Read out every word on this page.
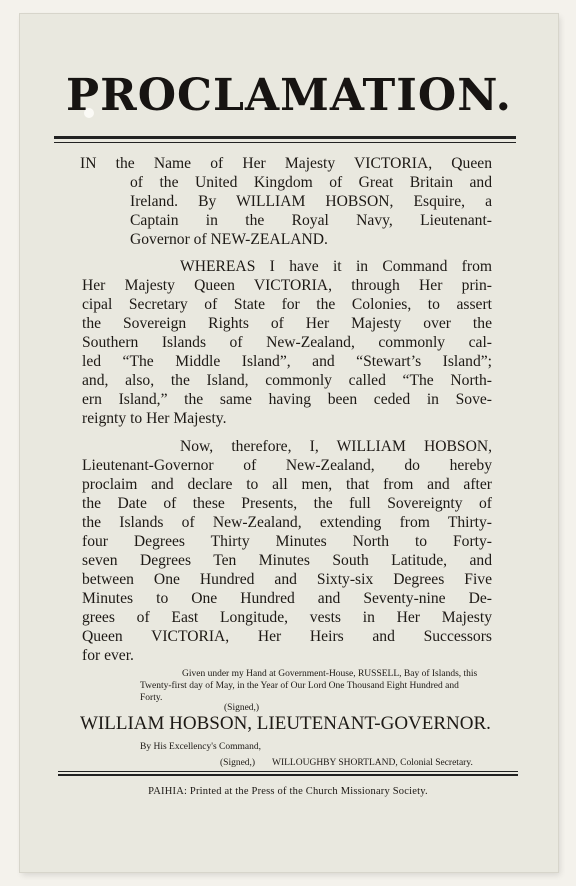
PROCLAMATION.
IN the Name of Her Majesty VICTORIA, Queen
of the United Kingdom of Great Britain and
Ireland. By WILLIAM HOBSON, Esquire, a
Captain in the Royal Navy, Lieutenant-
Governor of NEW-ZEALAND.
WHEREAS I have it in Command from
Her Majesty Queen VICTORIA, through Her prin-
cipal Secretary of State for the Colonies, to assert
the Sovereign Rights of Her Majesty over the
Southern Islands of New-Zealand, commonly cal-
led “The Middle Island”, and “Stewart’s Island”;
and, also, the Island, commonly called “The North-
ern Island,” the same having been ceded in Sove-
reignty to Her Majesty.
Now, therefore, I, WILLIAM HOBSON,
Lieutenant-Governor of New-Zealand, do hereby
proclaim and declare to all men, that from and after
the Date of these Presents, the full Sovereignty of
the Islands of New-Zealand, extending from Thirty-
four Degrees Thirty Minutes North to Forty-
seven Degrees Ten Minutes South Latitude, and
between One Hundred and Sixty-six Degrees Five
Minutes to One Hundred and Seventy-nine De-
grees of East Longitude, vests in Her Majesty
Queen VICTORIA, Her Heirs and Successors
for ever.
Given under my Hand at Government-House, RUSSELL, Bay of Islands, this
Twenty-first day of May, in the Year of Our Lord One Thousand Eight Hundred and
Forty.
(Signed,)
WILLIAM HOBSON, LIEUTENANT-GOVERNOR.
By His Excellency's Command,
(Signed,)	WILLOUGHBY SHORTLAND, Colonial Secretary.
PAIHIA: Printed at the Press of the Church Missionary Society.
